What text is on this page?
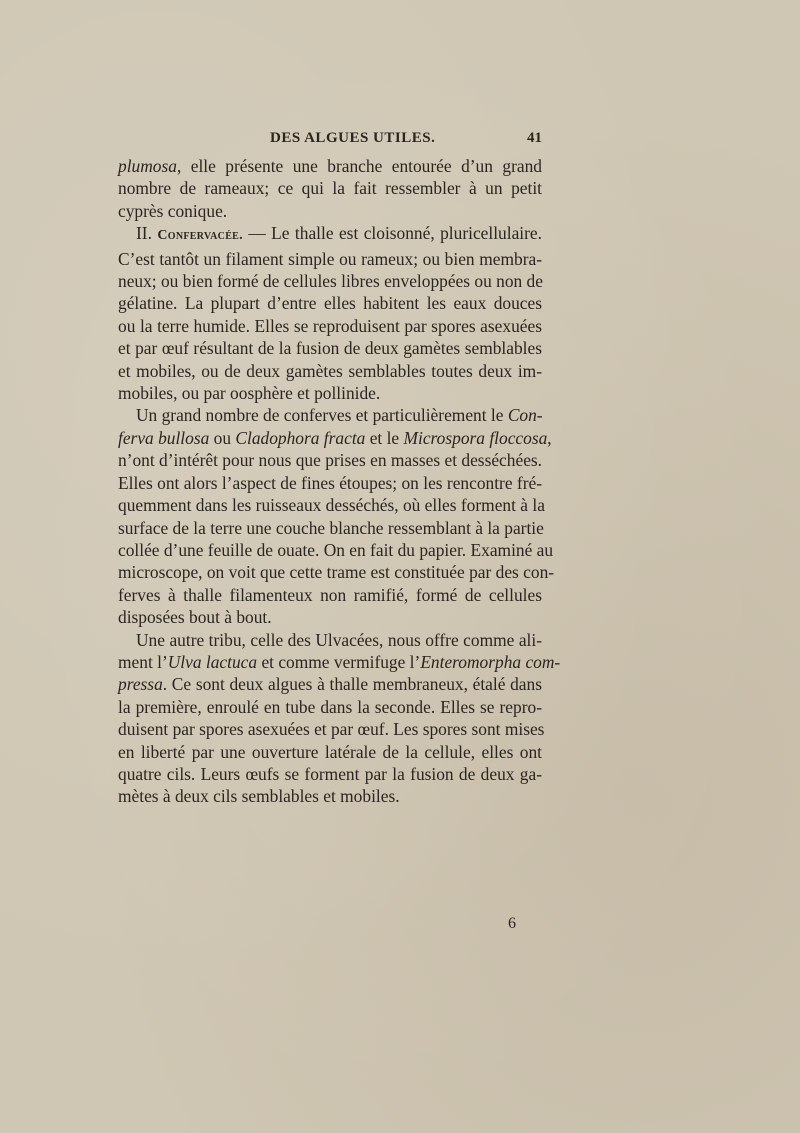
DES ALGUES UTILES.	41
plumosa, elle présente une branche entourée d’un grand
nombre de rameaux; ce qui la fait ressembler à un petit
cyprès conique.
II. Confervacée. — Le thalle est cloisonné, pluricellulaire.
C’est tantôt un filament simple ou rameux; ou bien membra-
neux; ou bien formé de cellules libres enveloppées ou non de
gélatine. La plupart d’entre elles habitent les eaux douces
ou la terre humide. Elles se reproduisent par spores asexuées
et par œuf résultant de la fusion de deux gamètes semblables
et mobiles, ou de deux gamètes semblables toutes deux im-
mobiles, ou par oosphère et pollinide.
Un grand nombre de conferves et particulièrement le Con-
ferva bullosa ou Cladophora fracta et le Microspora floccosa,
n’ont d’intérêt pour nous que prises en masses et desséchées.
Elles ont alors l’aspect de fines étoupes; on les rencontre fré-
quemment dans les ruisseaux desséchés, où elles forment à la
surface de la terre une couche blanche ressemblant à la partie
collée d’une feuille de ouate. On en fait du papier. Examiné au
microscope, on voit que cette trame est constituée par des con-
ferves à thalle filamenteux non ramifié, formé de cellules
disposées bout à bout.
Une autre tribu, celle des Ulvacées, nous offre comme ali-
ment l’Ulva lactuca et comme vermifuge l’Enteromorpha com-
pressa. Ce sont deux algues à thalle membraneux, étalé dans
la première, enroulé en tube dans la seconde. Elles se repro-
duisent par spores asexuées et par œuf. Les spores sont mises
en liberté par une ouverture latérale de la cellule, elles ont
quatre cils. Leurs œufs se forment par la fusion de deux ga-
mètes à deux cils semblables et mobiles.
6
